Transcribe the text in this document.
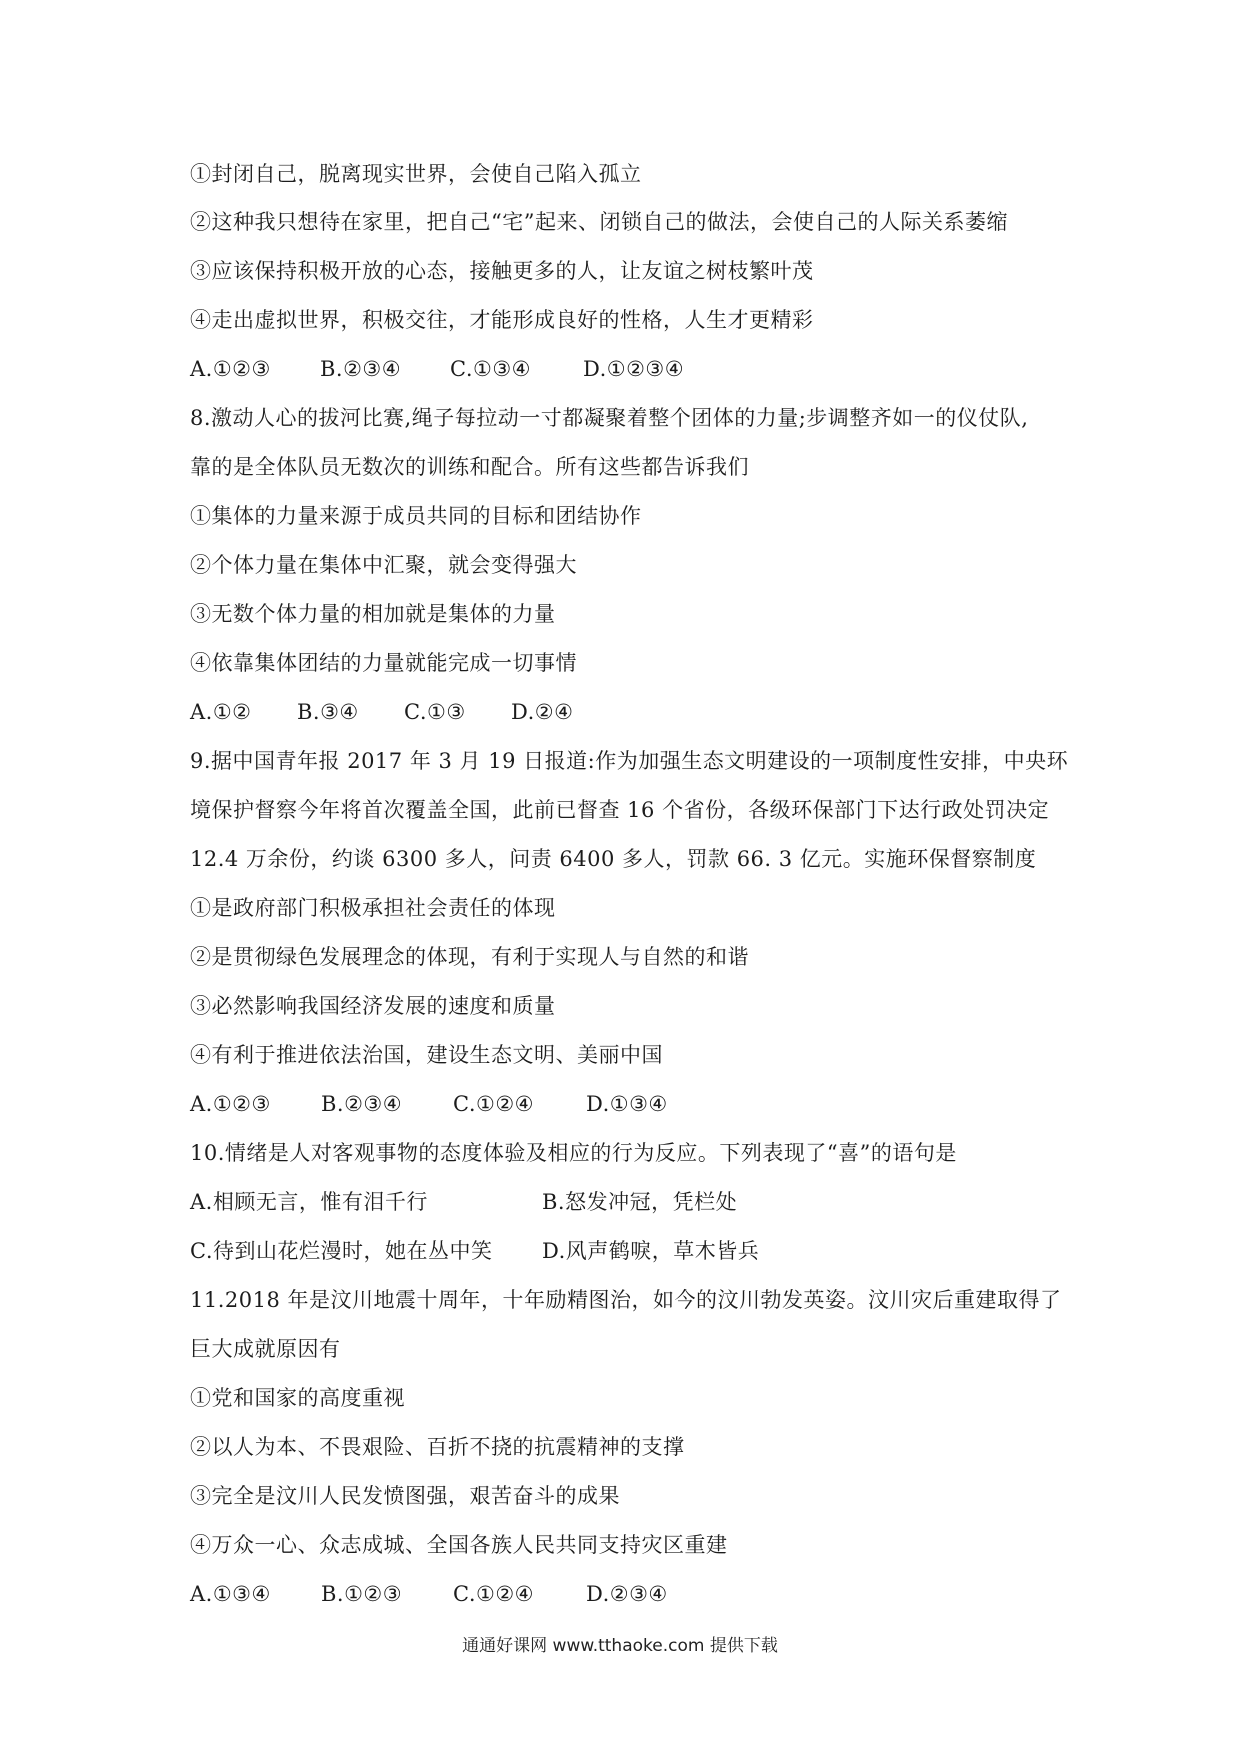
①封闭自己，脱离现实世界，会使自己陷入孤立
②这种我只想待在家里，把自己“宅”起来、闭锁自己的做法，会使自己的人际关系萎缩
③应该保持积极开放的心态，接触更多的人，让友谊之树枝繁叶茂
④走出虚拟世界，积极交往，才能形成良好的性格，人生才更精彩
A.①②③ B.②③④ C.①③④ D.①②③④
8.激动人心的拔河比赛,绳子每拉动一寸都凝聚着整个团体的力量;步调整齐如一的仪仗队,
靠的是全体队员无数次的训练和配合。所有这些都告诉我们
①集体的力量来源于成员共同的目标和团结协作
②个体力量在集体中汇聚，就会变得强大
③无数个体力量的相加就是集体的力量
④依靠集体团结的力量就能完成一切事情
A.①② B.③④ C.①③ D.②④
9.据中国青年报 2017 年 3 月 19 日报道:作为加强生态文明建设的一项制度性安排，中央环
境保护督察今年将首次覆盖全国，此前已督查 16 个省份，各级环保部门下达行政处罚决定
12.4 万余份，约谈 6300 多人，问责 6400 多人，罚款 66. 3 亿元。实施环保督察制度
①是政府部门积极承担社会责任的体现
②是贯彻绿色发展理念的体现，有利于实现人与自然的和谐
③必然影响我国经济发展的速度和质量
④有利于推进依法治国，建设生态文明、美丽中国
A.①②③ B.②③④ C.①②④ D.①③④
10.情绪是人对客观事物的态度体验及相应的行为反应。下列表现了“喜”的语句是
A.相顾无言，惟有泪千行	B.怒发冲冠，凭栏处
C.待到山花烂漫时，她在丛中笑 D.风声鹤唳，草木皆兵
11.2018 年是汶川地震十周年，十年励精图治，如今的汶川勃发英姿。汶川灾后重建取得了
巨大成就原因有
①党和国家的高度重视
②以人为本、不畏艰险、百折不挠的抗震精神的支撑
③完全是汶川人民发愤图强，艰苦奋斗的成果
④万众一心、众志成城、全国各族人民共同支持灾区重建
A.①③④ B.①②③ C.①②④ D.②③④
通通好课网 www.tthaoke.com 提供下载
